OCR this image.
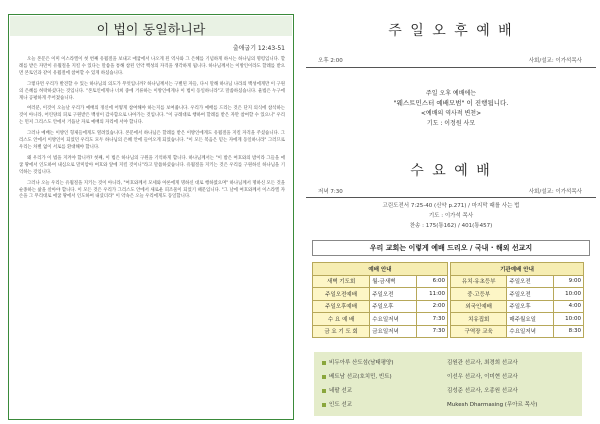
이 법이 동일하니라
출애굽기 12:43-51

오늘 본문은 이미 이스라엘이 첫 번째 유월절을 보내고 애굽에서 나오게 된 역사와 그 은혜를 기념하게 하시는 하나님의 명령입니다. 할례를 받은 자만이 유월절을 지킬 수 있다는 말씀을 통해 참된 언약 백성의 자격을 생각하게 됩니다. 하나님께서는 이방인이라도 할례를 받으면 본토인과 같이 유월절에 참여할 수 있게 하셨습니다.

그렇다면 우리가 발견할 수 있는 하나님의 의도가 무엇입니까? 하나님께서는 구별된 자들, 다시 말해 하나님 나라의 백성에게만 이 구원의 은혜를 허락하셨다는 것입니다. "본토인에게나 너희 중에 거류하는 이방인에게나 이 법이 동일하니라"고 말씀하셨습니다. 율법은 누구에게나 공평하게 주어졌습니다.

여러분, 이것이 오늘날 우리가 예배의 정신에 어떻게 참여해야 하는지를 보여줍니다. 우리가 예배를 드리는 것은 단지 의식에 참석하는 것이 아니라, 어린양의 피로 구원받은 백성이 감사함으로 나아가는 것입니다. "이 규례대로 행하여 할례를 받은 자만 참여할 수 있으니" 우리는 먼저 그리스도 안에서 거듭난 자로 예배의 자리에 서야 합니다.

그러나 예배는 이방인 형제들에게도 열려있습니다. 본문에서 하나님은 할례를 받은 이방인에게도 유월절을 지킬 자격을 주셨습니다. 그리스도 안에서 이방인이 되었던 우리도 모두 하나님의 은혜 안에 들어오게 되었습니다. "이 모든 복음은 믿는 자에게 동일하니라" 그러므로 우리는 차별 없이 서로를 환대해야 합니다.

왜 우리가 이 법을 지켜야 합니까? 첫째, 이 법은 하나님의 구원을 기억하게 합니다. 하나님께서는 "이 밤은 여호와의 밤이라 그들을 애굽 땅에서 인도하여 내심으로 말미암아 여호와 앞에 지킬 것이니"라고 말씀하셨습니다. 유월절을 지키는 것은 우리를 구원하신 하나님을 기억하는 것입니다.

그러나 오늘 우리는 유월절을 지키는 것이 아니라, "여호와께서 모세와 아론에게 명하신 대로 행하였으며" 하나님께서 명하신 모든 것을 순종하는 삶을 살아야 합니다. 이 모든 것은 우리가 그리스도 안에서 새로운 피조물이 되었기 때문입니다. "그 날에 여호와께서 이스라엘 자손을 그 무리대로 애굽 땅에서 인도하여 내셨더라" 이 약속은 오늘 우리에게도 동일합니다.

주 일 오 후 예 배
오후 2:00	사회/설교: 이가석목사
주일 오후 예배에는
"웨스트민스터 예배모범" 이 진행됩니다.
<예배의 역사적 변천>
기도 : 이정원 사모
수 요 예 배
저녁 7:30	사회/설교: 이가석목사
고린도전서 7:25-40 (신약 p.271) / 마지막 때를 사는 법
기도 : 이가석 목사
찬송 : 175(통162) / 401(통457)
우리 교회는 이렇게 예배 드리오 / 국내 · 해외 선교지
예배 안내		
새벽 기도회	월-금새벽	6:00
주일오전예배	주일오전	11:00
주일오후예배	주일오후	2:00
수 요 예 배	수요일저녁	7:30
금 요 기 도 회	금요일저녁	7:30
기관예배 안내		
유치·유초등부	주일오전	9:00
중·고등부	주일오전	10:00
외국인예배	주일오후	4:00
치유집회	매주월요일	10:00
구역장 교육	수요일저녁	8:30
비두아루 산도섬(남태평양)	김원관 선교사, 최경희 선교사
베트남 선교(호치민, 빈트)	이선우 선교사, 이미현 선교사
네팔 선교	김성준 선교사, 오종원 선교사
인도 선교	Mukesh Dharmasing (무아르 목사)
